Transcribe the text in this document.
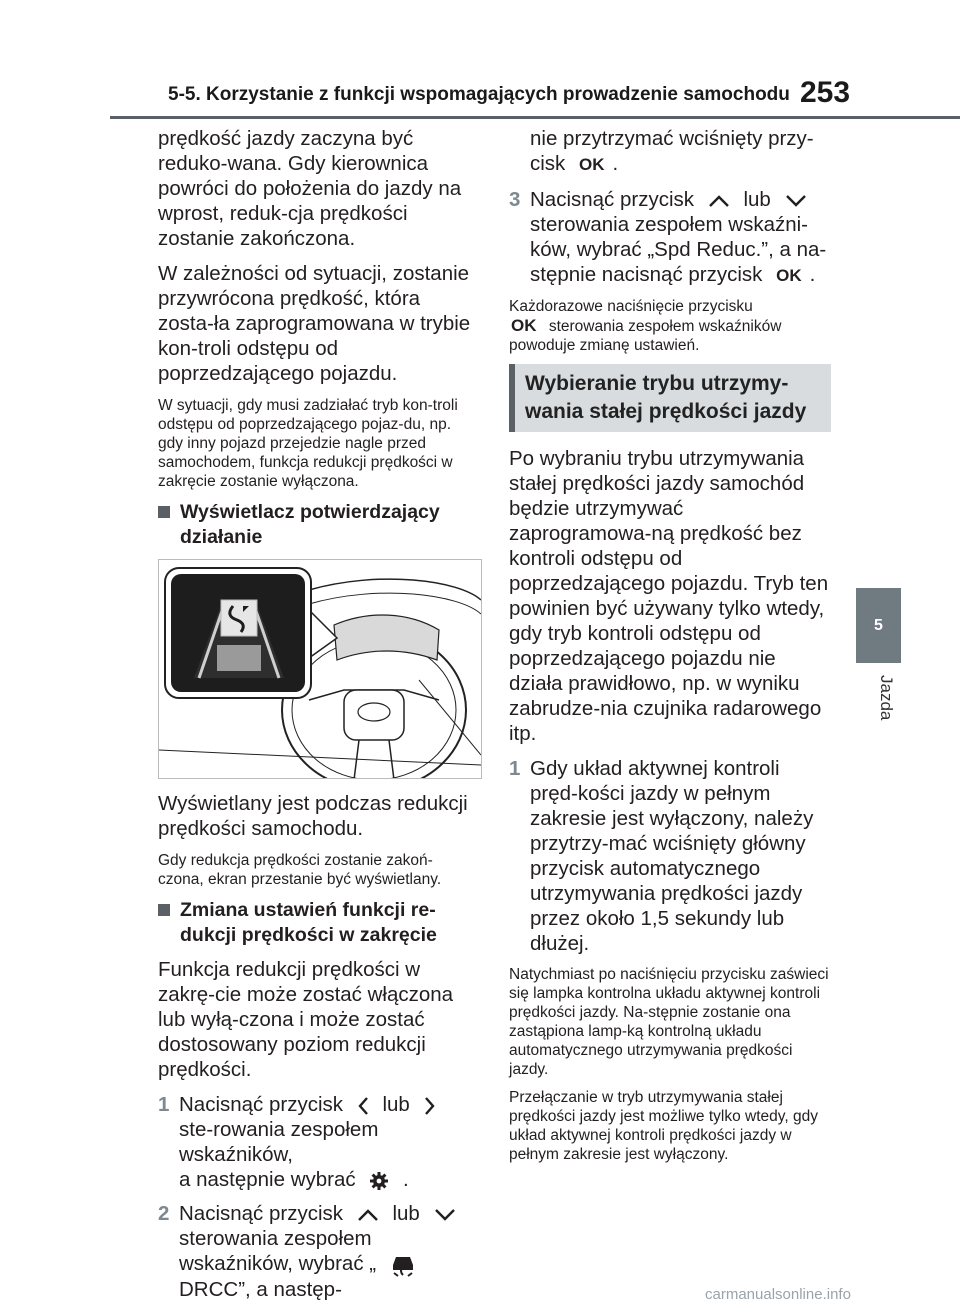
5-5. Korzystanie z funkcji wspomagających prowadzenie samochodu 253
5
Jazda

prędkość jazdy zaczyna być reduko-wana. Gdy kierownica powróci do położenia do jazdy na wprost, reduk-cja prędkości zostanie zakończona.

W zależności od sytuacji, zostanie przywrócona prędkość, która zosta-ła zaprogramowana w trybie kon-troli odstępu od poprzedzającego pojazdu.

W sytuacji, gdy musi zadziałać tryb kon-troli odstępu od poprzedzającego pojaz-du, np. gdy inny pojazd przejedzie nagle przed samochodem, funkcja redukcji prędkości w zakręcie zostanie wyłączona.

Wyświetlacz potwierdzający działanie

Wyświetlany jest podczas redukcji prędkości samochodu.

Gdy redukcja prędkości zostanie zakoń-czona, ekran przestanie być wyświetlany.

Zmiana ustawień funkcji re-dukcji prędkości w zakręcie

Funkcja redukcji prędkości w zakrę-cie może zostać włączona lub wyłą-czona i może zostać dostosowany poziom redukcji prędkości.

1 Nacisnąć przycisk lub  ste-rowania zespołem wskaźników,
a następnie wybrać .
2 Nacisnąć przycisk lub  sterowania zespołem wskaźników, wybrać „  DRCC”, a następ-

nie przytrzymać wciśnięty przy-cisk OK .

3 Nacisnąć przycisk lub  sterowania zespołem wskaźni-ków, wybrać „Spd Reduc.”, a na-stępnie nacisnąć przycisk OK .

Każdorazowe naciśnięcie przycisku
OK sterowania zespołem wskaźników powoduje zmianę ustawień.

Wybieranie trybu utrzymy-wania stałej prędkości jazdy

Po wybraniu trybu utrzymywania stałej prędkości jazdy samochód będzie utrzymywać zaprogramowa-ną prędkość bez kontroli odstępu od poprzedzającego pojazdu. Tryb ten powinien być używany tylko wtedy, gdy tryb kontroli odstępu od poprzedzającego pojazdu nie działa prawidłowo, np. w wyniku zabrudze-nia czujnika radarowego itp.

1 Gdy układ aktywnej kontroli pręd-kości jazdy w pełnym zakresie jest wyłączony, należy przytrzy-mać wciśnięty główny przycisk automatycznego utrzymywania prędkości jazdy przez około 1,5 sekundy lub dłużej.

Natychmiast po naciśnięciu przycisku zaświeci się lampka kontrolna układu aktywnej kontroli prędkości jazdy. Na-stępnie zostanie ona zastąpiona lamp-ką kontrolną układu automatycznego utrzymywania prędkości jazdy.

Przełączanie w tryb utrzymywania stałej prędkości jazdy jest możliwe tylko wtedy, gdy układ aktywnej kontroli prędkości jazdy w pełnym zakresie jest wyłączony.

carmanualsonline.info
